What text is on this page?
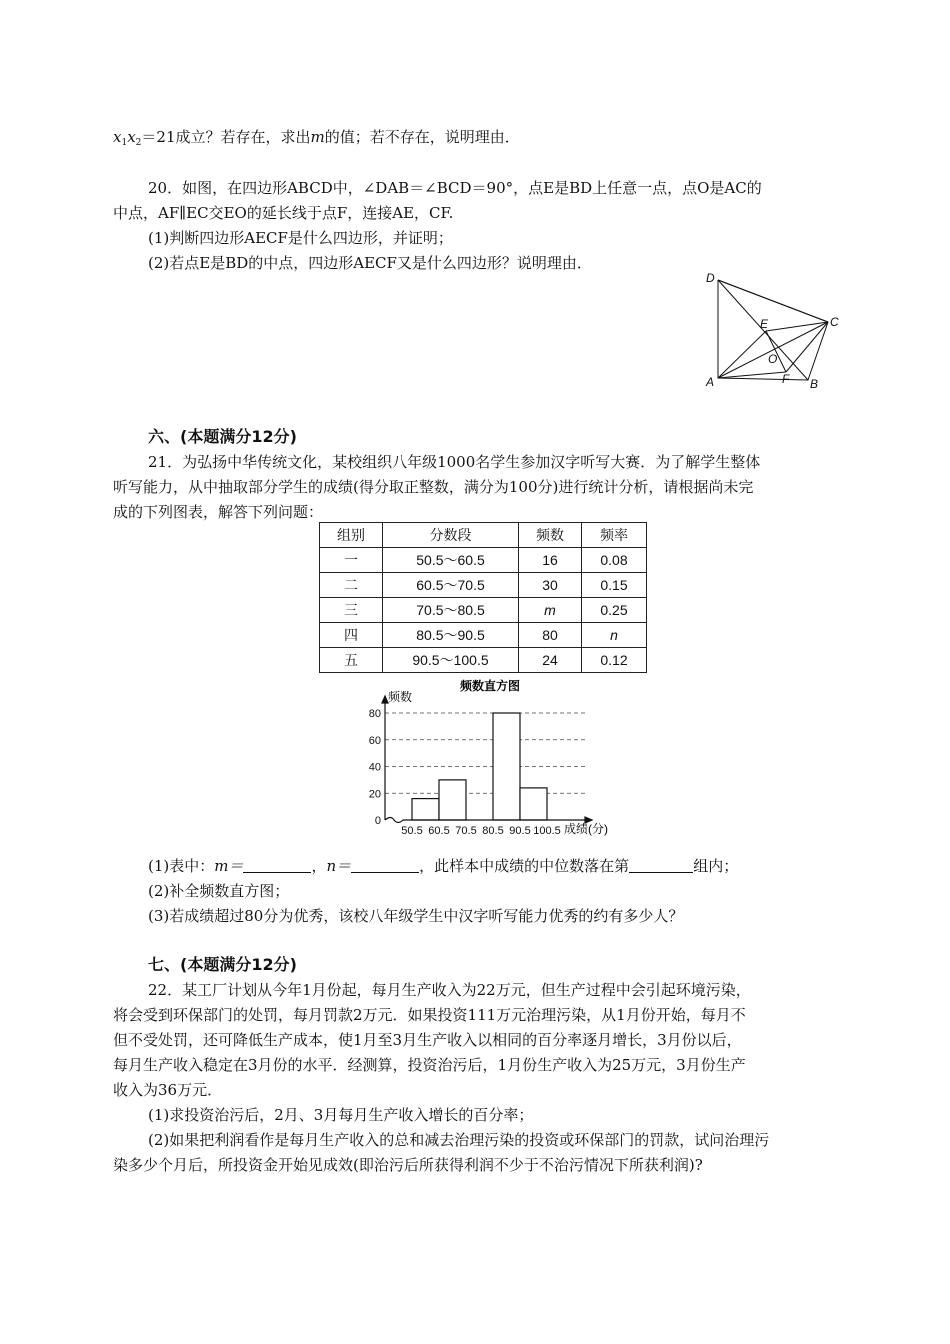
$x_1x_2=21$成立？若存在，求出m的值；若不存在，说明理由．
20．如图，在四边形ABCD中，∠DAB＝∠BCD＝90°，点E是BD上任意一点，点O是AC的
中点，AF∥EC交EO的延长线于点F，连接AE，CF.
(1)判断四边形AECF是什么四边形，并证明；
(2)若点E是BD的中点，四边形AECF又是什么四边形？说明理由．
D
E	C
O
A	F B
六、(本题满分12分)
21．为弘扬中华传统文化，某校组织八年级1000名学生参加汉字听写大赛．为了解学生整体
听写能力，从中抽取部分学生的成绩(得分取正整数，满分为100分)进行统计分析，请根据尚未完
成的下列图表，解答下列问题：
组别	分数段	频数	频率
一	50.5～60.5	16	0.08
二	60.5～70.5	30	0.15
三	70.5～80.5	m	0.25
四	80.5～90.5	80	n
五	90.5～100.5	24	0.12
频数直方图
频数
成绩(分)
0
20
40
60
80
50.5 60.5 70.5 80.5 90.5 100.5
(1)表中：m＝	，n＝	，此样本中成绩的中位数落在第	组内；
(2)补全频数直方图；
(3)若成绩超过80分为优秀，该校八年级学生中汉字听写能力优秀的约有多少人？
七、(本题满分12分)
22．某工厂计划从今年1月份起，每月生产收入为22万元，但生产过程中会引起环境污染，
将会受到环保部门的处罚，每月罚款2万元．如果投资111万元治理污染，从1月份开始，每月不
但不受处罚，还可降低生产成本，使1月至3月生产收入以相同的百分率逐月增长，3月份以后，
每月生产收入稳定在3月份的水平．经测算，投资治污后，1月份生产收入为25万元，3月份生产
收入为36万元．
(1)求投资治污后，2月、3月每月生产收入增长的百分率；
(2)如果把利润看作是每月生产收入的总和减去治理污染的投资或环保部门的罚款，试问治理污
染多少个月后，所投资金开始见成效(即治污后所获得利润不少于不治污情况下所获利润)?
